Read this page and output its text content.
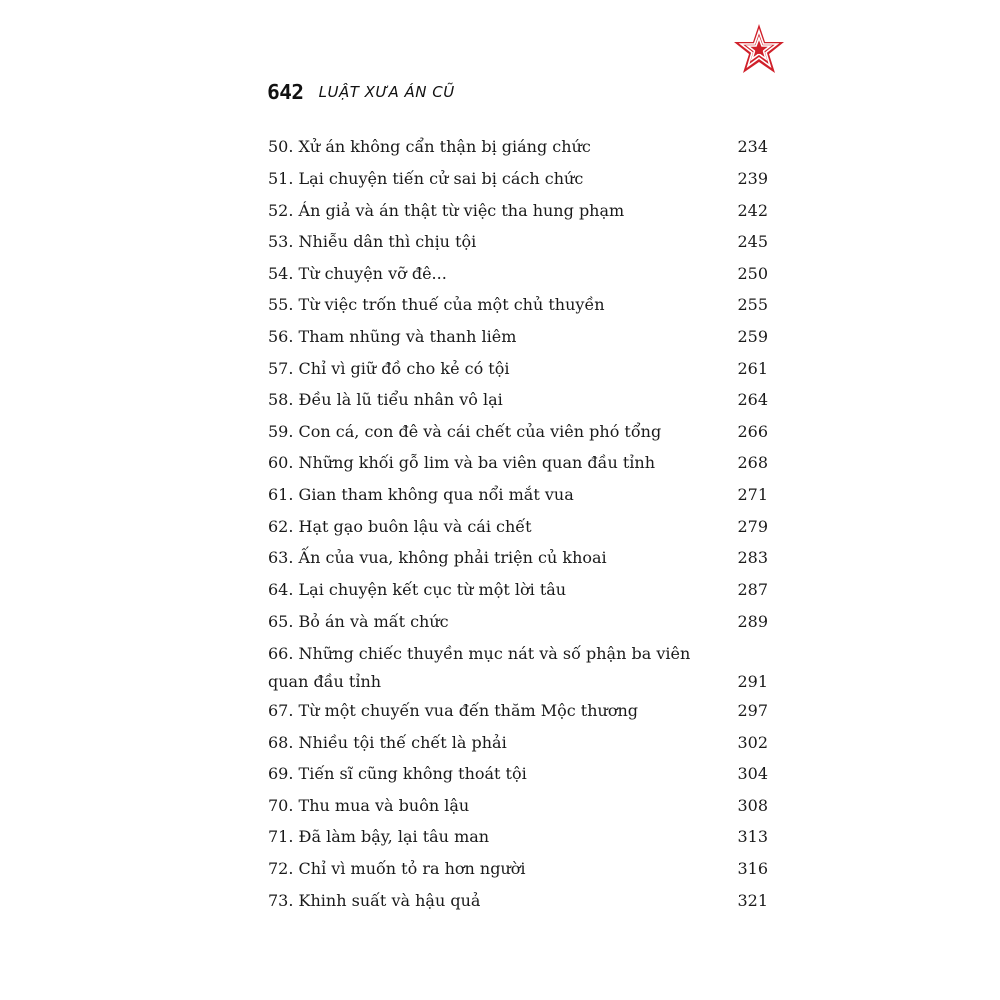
642 LUẬT XƯA ÁN CŨ
50. Xử án không cẩn thận bị giáng chức	234
51. Lại chuyện tiến cử sai bị cách chức	239
52. Án giả và án thật từ việc tha hung phạm	242
53. Nhiễu dân thì chịu tội	245
54. Từ chuyện vỡ đê...	250
55. Từ việc trốn thuế của một chủ thuyền	255
56. Tham nhũng và thanh liêm	259
57. Chỉ vì giữ đồ cho kẻ có tội	261
58. Đều là lũ tiểu nhân vô lại	264
59. Con cá, con đê và cái chết của viên phó tổng	266
60. Những khối gỗ lim và ba viên quan đầu tỉnh	268
61. Gian tham không qua nổi mắt vua	271
62. Hạt gạo buôn lậu và cái chết	279
63. Ấn của vua, không phải triện củ khoai	283
64. Lại chuyện kết cục từ một lời tâu	287
65. Bỏ án và mất chức	289
66. Những chiếc thuyền mục nát và số phận ba viên quan đầu tỉnh	291
67. Từ một chuyến vua đến thăm Mộc thương	297
68. Nhiều tội thế chết là phải	302
69. Tiến sĩ cũng không thoát tội	304
70. Thu mua và buôn lậu	308
71. Đã làm bậy, lại tâu man	313
72. Chỉ vì muốn tỏ ra hơn người	316
73. Khinh suất và hậu quả	321
